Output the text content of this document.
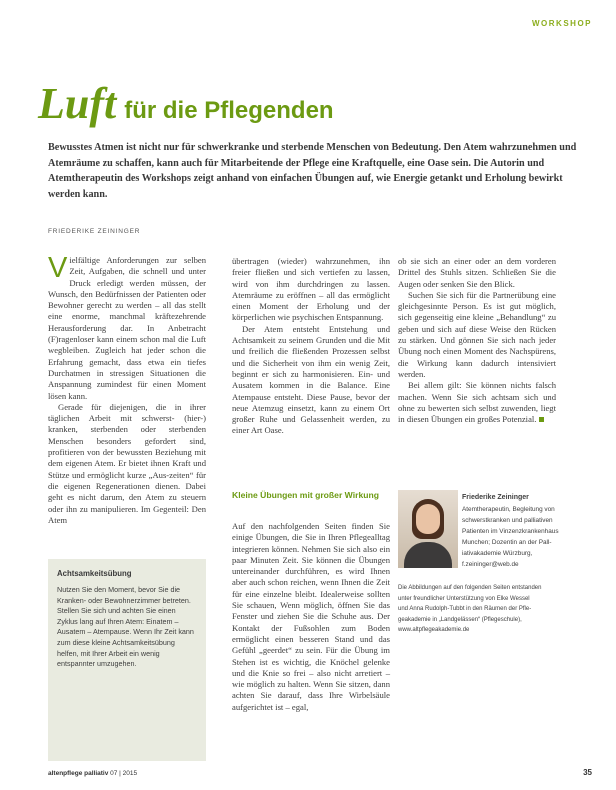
WORKSHOP
Luft für die Pflegenden

Bewusstes Atmen ist nicht nur für schwerkranke und sterbende Menschen von Bedeutung. Den Atem wahrzunehmen und Atemräume zu schaffen, kann auch für Mitarbeitende der Pflege eine Kraftquelle, eine Oase sein. Die Autorin und Atemtherapeutin des Workshops zeigt anhand von einfachen Übungen auf, wie Energie getankt und Erholung bewirkt werden kann.

FRIEDERIKE ZEININGER

Vielfältige Anforderungen zur selben Zeit, Aufgaben, die schnell und unter Druck erledigt werden müssen, der Wunsch, den Bedürfnissen der Patienten oder Bewohner gerecht zu werden – all das stellt eine enorme, manchmal kräftezehrende Herausforderung dar. In Anbetracht (F)ragenloser kann einem schon mal die Luft wegbleiben. Zugleich hat jeder schon die Erfahrung gemacht, dass etwa ein tiefes Durchatmen in stressigen Situationen die Anspannung zumindest für einen Moment lösen kann.

Gerade für diejenigen, die in ihrer täglichen Arbeit mit schwerst- (hier-) kranken, sterbenden oder sterbenden Menschen besonders gefordert sind, profitieren von der bewussten Beziehung mit dem eigenen Atem. Er bietet ihnen Kraft und Stütze und ermöglicht kurze „Aus-zeiten“ für die eigenen Regenerationen dienen. Dabei geht es nicht darum, den Atem zu steuern oder ihn zu manipulieren. Im Gegenteil: Den Atem

übertragen (wieder) wahrzunehmen, ihn freier fließen und sich vertiefen zu lassen, wird von ihm durchdringen zu lassen. Atemräume zu eröffnen – all das ermöglicht einen Moment der Erholung und der körperlichen wie psychischen Entspannung.

Der Atem entsteht Entstehung und Achtsamkeit zu seinem Grunden und die Mit und freilich die fließenden Prozessen selbst und die Sicherheit von ihm ein wenig Zeit, beginnt er sich zu harmonisieren. Ein- und Ausatem kommen in die Balance. Eine Atempause entsteht. Diese Pause, bevor der neue Atemzug einsetzt, kann zu einem Ort großer Ruhe und Gelassenheit werden, zu einer Art Oase.

Kleine Übungen mit großer Wirkung

Auf den nachfolgenden Seiten finden Sie einige Übungen, die Sie in Ihren Pflegealltag integrieren können. Nehmen Sie sich also ein paar Minuten Zeit. Sie können die Übungen untereinander durchführen, es wird Ihnen aber auch schon reichen, wenn Ihnen die Zeit für eine einzelne bleibt. Idealerweise sollten Sie schauen, Wenn möglich, öffnen Sie das Fenster und ziehen Sie die Schuhe aus. Der Kontakt der Fußsohlen zum Boden ermöglicht einen besseren Stand und das Gefühl „geerdet“ zu sein. Für die Übung im Stehen ist es wichtig, die Knöchel gelenke und die Knie so frei – also nicht arretiert – wie möglich zu halten. Wenn Sie sitzen, dann achten Sie darauf, dass Ihre Wirbelsäule aufgerichtet ist – egal,

ob sie sich an einer oder an dem vorderen Drittel des Stuhls sitzen. Schließen Sie die Augen oder senken Sie den Blick.

Suchen Sie sich für die Partnerübung eine gleichgesinnte Person. Es ist gut möglich, sich gegenseitig eine kleine „Behandlung“ zu geben und sich auf diese Weise den Rücken zu stärken. Und gönnen Sie sich nach jeder Übung noch einen Moment des Nachspürens, die Wirkung kann dadurch intensiviert werden.

Bei allem gilt: Sie können nichts falsch machen. Wenn Sie sich achtsam sich und ohne zu bewerten sich selbst zuwenden, liegt in diesen Übungen ein großes Potenzial.

Achtsamkeitsübung
Nutzen Sie den Moment, bevor Sie die Kranken- oder Bewohnerzimmer betreten. Stellen Sie sich und achten Sie einen Zyklus lang auf Ihren Atem: Einatem – Ausatem – Atempause. Wenn Ihr Zeit kann zum diese kleine Achtsamkeitsübung helfen, mit Ihrer Arbeit ein wenig entspannter umzugehen.
Friederike Zeininger
Atemtherapeutin, Begleitung von
schwerstkranken und palliativen
Patienten im Vinzenzkrankenhaus
Munchen; Dozentin an der Pall-
iativakademie Würzburg,
f.zeininger@web.de
Die Abbildungen auf den folgenden Seiten entstanden
unter freundlicher Unterstützung von Elke Wessel
und Anna Rudolph-Tubbt in den Räumen der Pfle-
geakademie in „Landgelässen“ (Pflegeschule),
www.altpflegeakademie.de
altenpflege palliativ 07 | 2015	35
